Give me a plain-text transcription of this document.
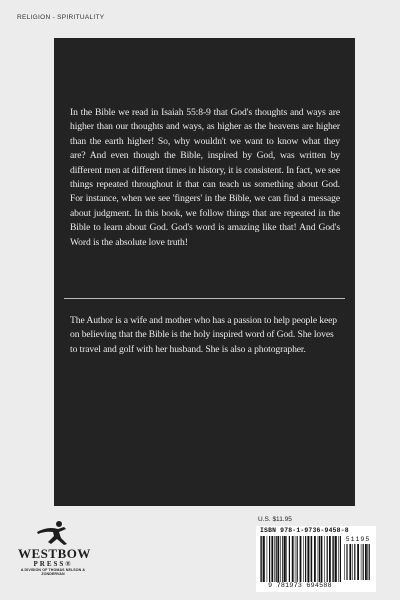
RELIGION - SPIRITUALITY

In the Bible we read in Isaiah 55:8-9 that God's thoughts and ways are higher than our thoughts and ways, as higher as the heavens are higher than the earth higher! So, why wouldn't we want to know what they are? And even though the Bible, inspired by God, was written by different men at different times in history, it is consistent. In fact, we see things repeated throughout it that can teach us something about God. For instance, when we see 'fingers' in the Bible, we can find a message about judgment. In this book, we follow things that are repeated in the Bible to learn about God. God's word is amazing like that! And God's Word is the absolute love truth!

The Author is a wife and mother who has a passion to help people keep on believing that the Bible is the holy inspired word of God. She loves to travel and golf with her husband. She is also a photographer.

WESTBOW
PRESS®
A DIVISION OF THOMAS NELSON & ZONDERVAN
U.S. $11.95
ISBN 978-1-9736-9458-8
51195
9 781973 694588
